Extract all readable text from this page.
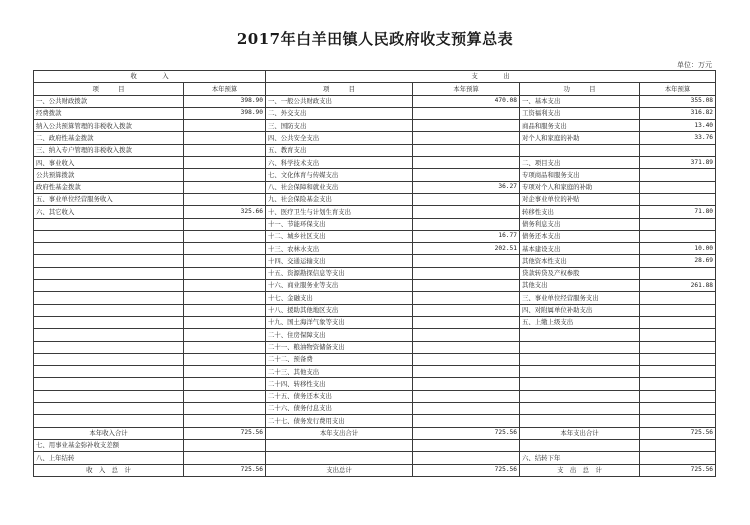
2017年白羊田镇人民政府收支预算总表
单位：万元
收　　　　入		支　　　　出			
项　　　目	本年预算	项　　　目	本年预算	功　　　目	本年预算
一、公共财政拨款	398.90	一、一般公共财政支出	470.08	一、基本支出	355.08
经费拨款	398.90	二、外交支出		工资福利支出	316.82
纳入公共预算管理的非税收入拨款		三、国防支出		商品和服务支出	13.40
二、政府性基金拨款		四、公共安全支出		对个人和家庭的补助	33.76
三、纳入专户管理的非税收入拨款		五、教育支出			
四、事业收入		六、科学技术支出		二、项目支出	371.89
公共预算拨款		七、文化体育与传媒支出		专项商品和服务支出	
政府性基金拨款		八、社会保障和就业支出	36.27	专项对个人和家庭的补助	
五、事业单位经营服务收入		九、社会保险基金支出		对企事业单位的补贴	
六、其它收入	325.66	十、医疗卫生与计划生育支出		转移性支出	71.80
		十一、节能环保支出		债务利息支出	
		十二、城乡社区支出	16.77	债务还本支出	
		十三、农林水支出	202.51	基本建设支出	10.00
		十四、交通运输支出		其他资本性支出	28.69
		十五、资源勘探信息等支出		贷款转贷及产权参股	
		十六、商业服务业等支出		其他支出	261.88
		十七、金融支出		三、事业单位经营服务支出	
		十八、援助其他地区支出		四、对附属单位补助支出	
		十九、国土海洋气象等支出		五、上缴上级支出	
		二十、住房保障支出			
		二十一、粮油物资储备支出			
		二十二、预备费			
		二十三、其他支出			
		二十四、转移性支出			
		二十五、债务还本支出			
		二十六、债务付息支出			
		二十七、债务发行费用支出			
本年收入合计	725.56	本年支出合计	725.56	本年支出合计	725.56
七、用事业基金弥补收支差额					
八、上年结转				六、结转下年	
收　入　总　计	725.56	支出总计	725.56	支　出　总　计	725.56
